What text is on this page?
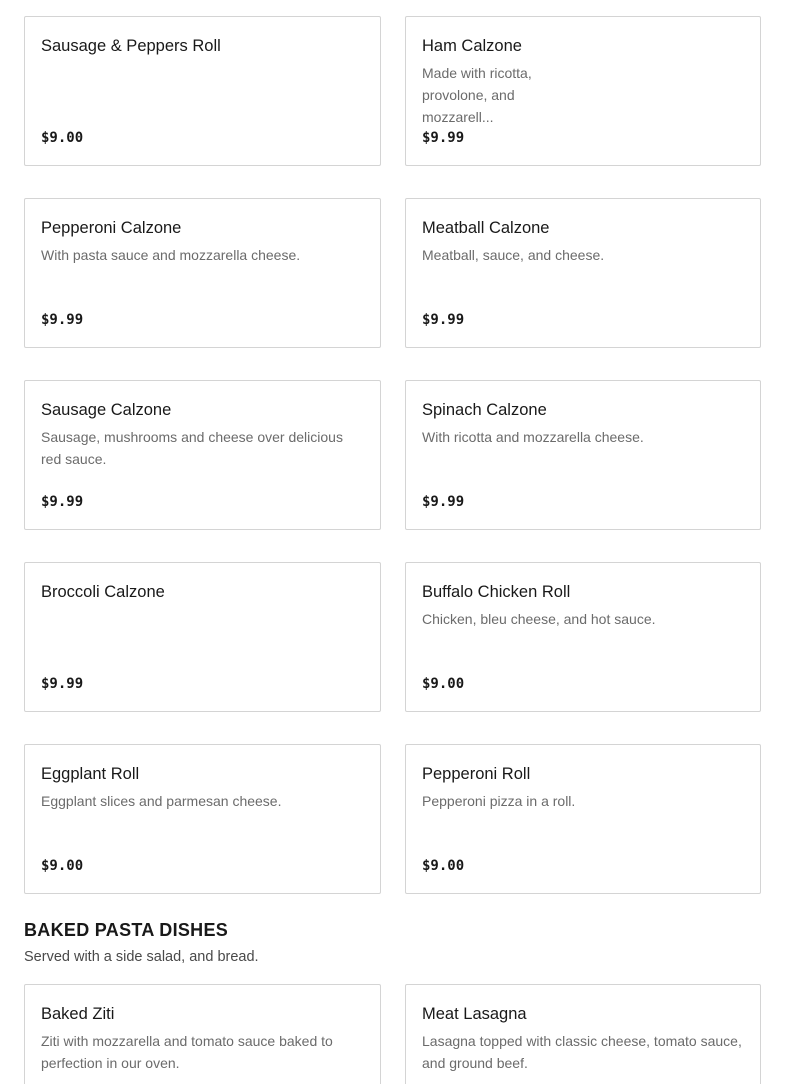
Sausage & Peppers Roll

$9.00

Ham Calzone

Made with ricotta, provolone, and mozzarell...

$9.99

Pepperoni Calzone

With pasta sauce and mozzarella cheese.

$9.99

Meatball Calzone

Meatball, sauce, and cheese.

$9.99

Sausage Calzone

Sausage, mushrooms and cheese over delicious red sauce.

$9.99

Spinach Calzone

With ricotta and mozzarella cheese.

$9.99

Broccoli Calzone

$9.99

Buffalo Chicken Roll

Chicken, bleu cheese, and hot sauce.

$9.00

Eggplant Roll

Eggplant slices and parmesan cheese.

$9.00

Pepperoni Roll

Pepperoni pizza in a roll.

$9.00

BAKED PASTA DISHES

Served with a side salad, and bread.

Baked Ziti

Ziti with mozzarella and tomato sauce baked to perfection in our oven.

Meat Lasagna

Lasagna topped with classic cheese, tomato sauce, and ground beef.
